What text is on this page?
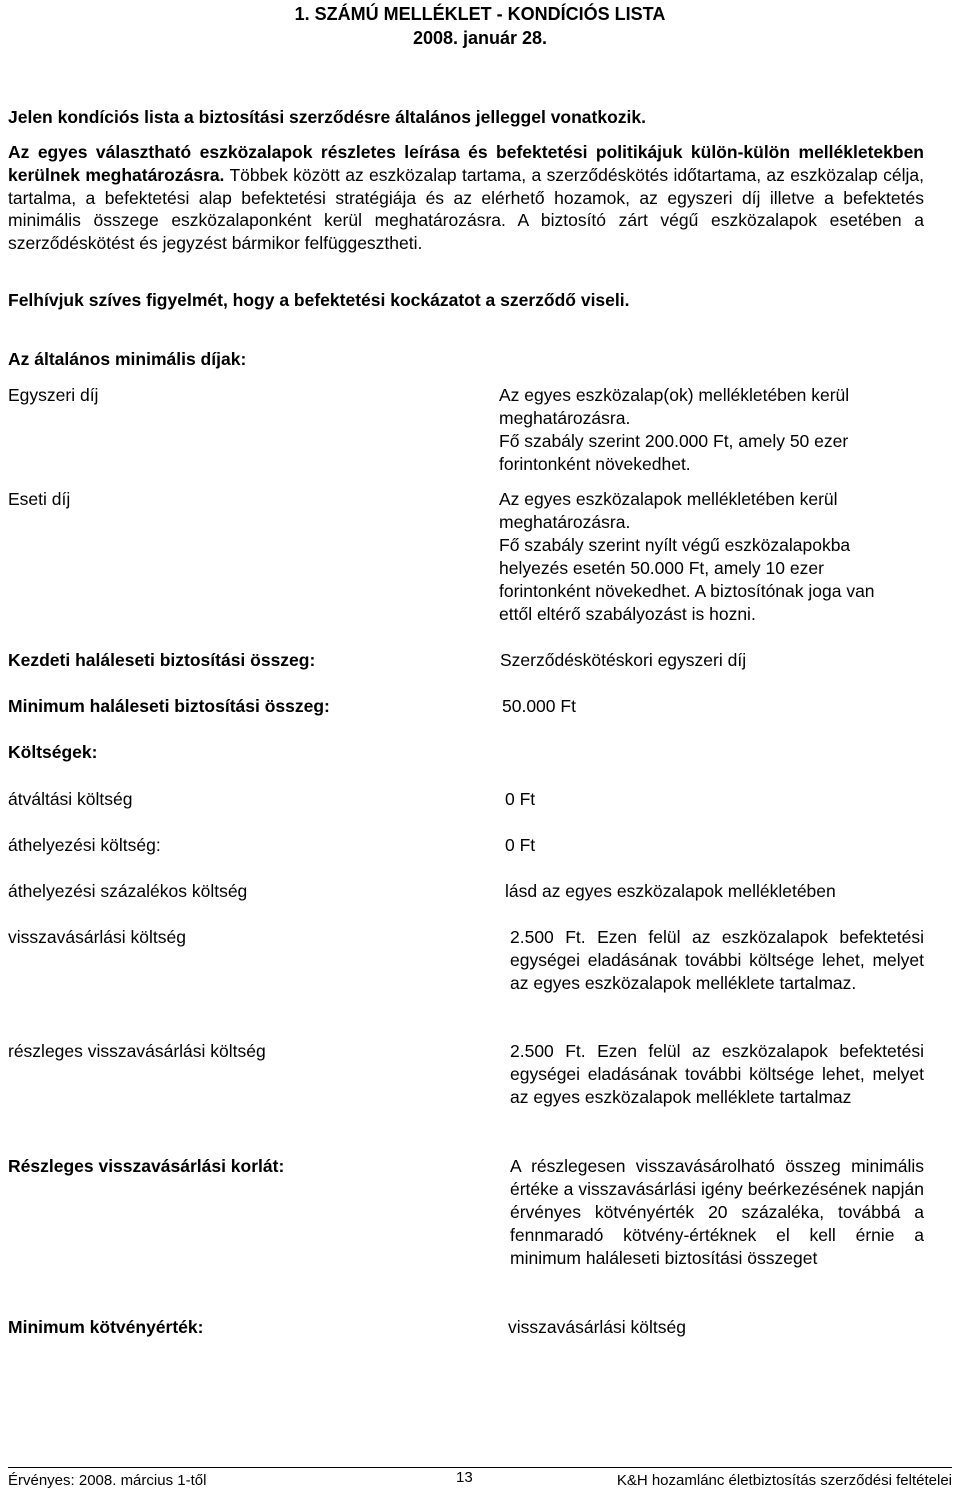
1. SZÁMÚ MELLÉKLET - KONDÍCIÓS LISTA
2008. január 28.
Jelen kondíciós lista a biztosítási szerződésre általános jelleggel vonatkozik.
Az egyes választható eszközalapok részletes leírása és befektetési politikájuk külön-külön mellékletekben kerülnek meghatározásra. Többek között az eszközalap tartama, a szerződéskötés időtartama, az eszközalap célja, tartalma, a befektetési alap befektetési stratégiája és az elérhető hozamok, az egyszeri díj illetve a befektetés minimális összege eszközalaponként kerül meghatározásra. A biztosító zárt végű eszközalapok esetében a szerződéskötést és jegyzést bármikor felfüggesztheti.
Felhívjuk szíves figyelmét, hogy a befektetési kockázatot a szerződő viseli.
Az általános minimális díjak:
Egyszeri díj	Az egyes eszközalap(ok) mellékletében kerül meghatározásra.
Fő szabály szerint 200.000 Ft, amely 50 ezer forintonként növekedhet.
Eseti díj	Az egyes eszközalapok mellékletében kerül meghatározásra.
Fő szabály szerint nyílt végű eszközalapokba helyezés esetén 50.000 Ft, amely 10 ezer forintonként növekedhet. A biztosítónak joga van ettől eltérő szabályozást is hozni.
Kezdeti haláleseti biztosítási összeg:	Szerződéskötéskori egyszeri díj
Minimum haláleseti biztosítási összeg:	50.000 Ft
Költségek:
átváltási költség	0 Ft
áthelyezési költség:	0 Ft
áthelyezési százalékos költség	lásd az egyes eszközalapok mellékletében
visszavásárlási költség	2.500 Ft. Ezen felül az eszközalapok befektetési egységei eladásának további költsége lehet, melyet az egyes eszközalapok melléklete tartalmaz.
részleges visszavásárlási költség	2.500 Ft. Ezen felül az eszközalapok befektetési egységei eladásának további költsége lehet, melyet az egyes eszközalapok melléklete tartalmaz
Részleges visszavásárlási korlát:	A részlegesen visszavásárolható összeg minimális értéke a visszavásárlási igény beérkezésének napján érvényes kötvényérték 20 százaléka, továbbá a fennmaradó kötvény-értéknek el kell érnie a minimum haláleseti biztosítási összeget
Minimum kötvényérték:	visszavásárlási költség
Érvényes: 2008. március 1-től	13	K&H hozamlánc életbiztosítás szerződési feltételei
